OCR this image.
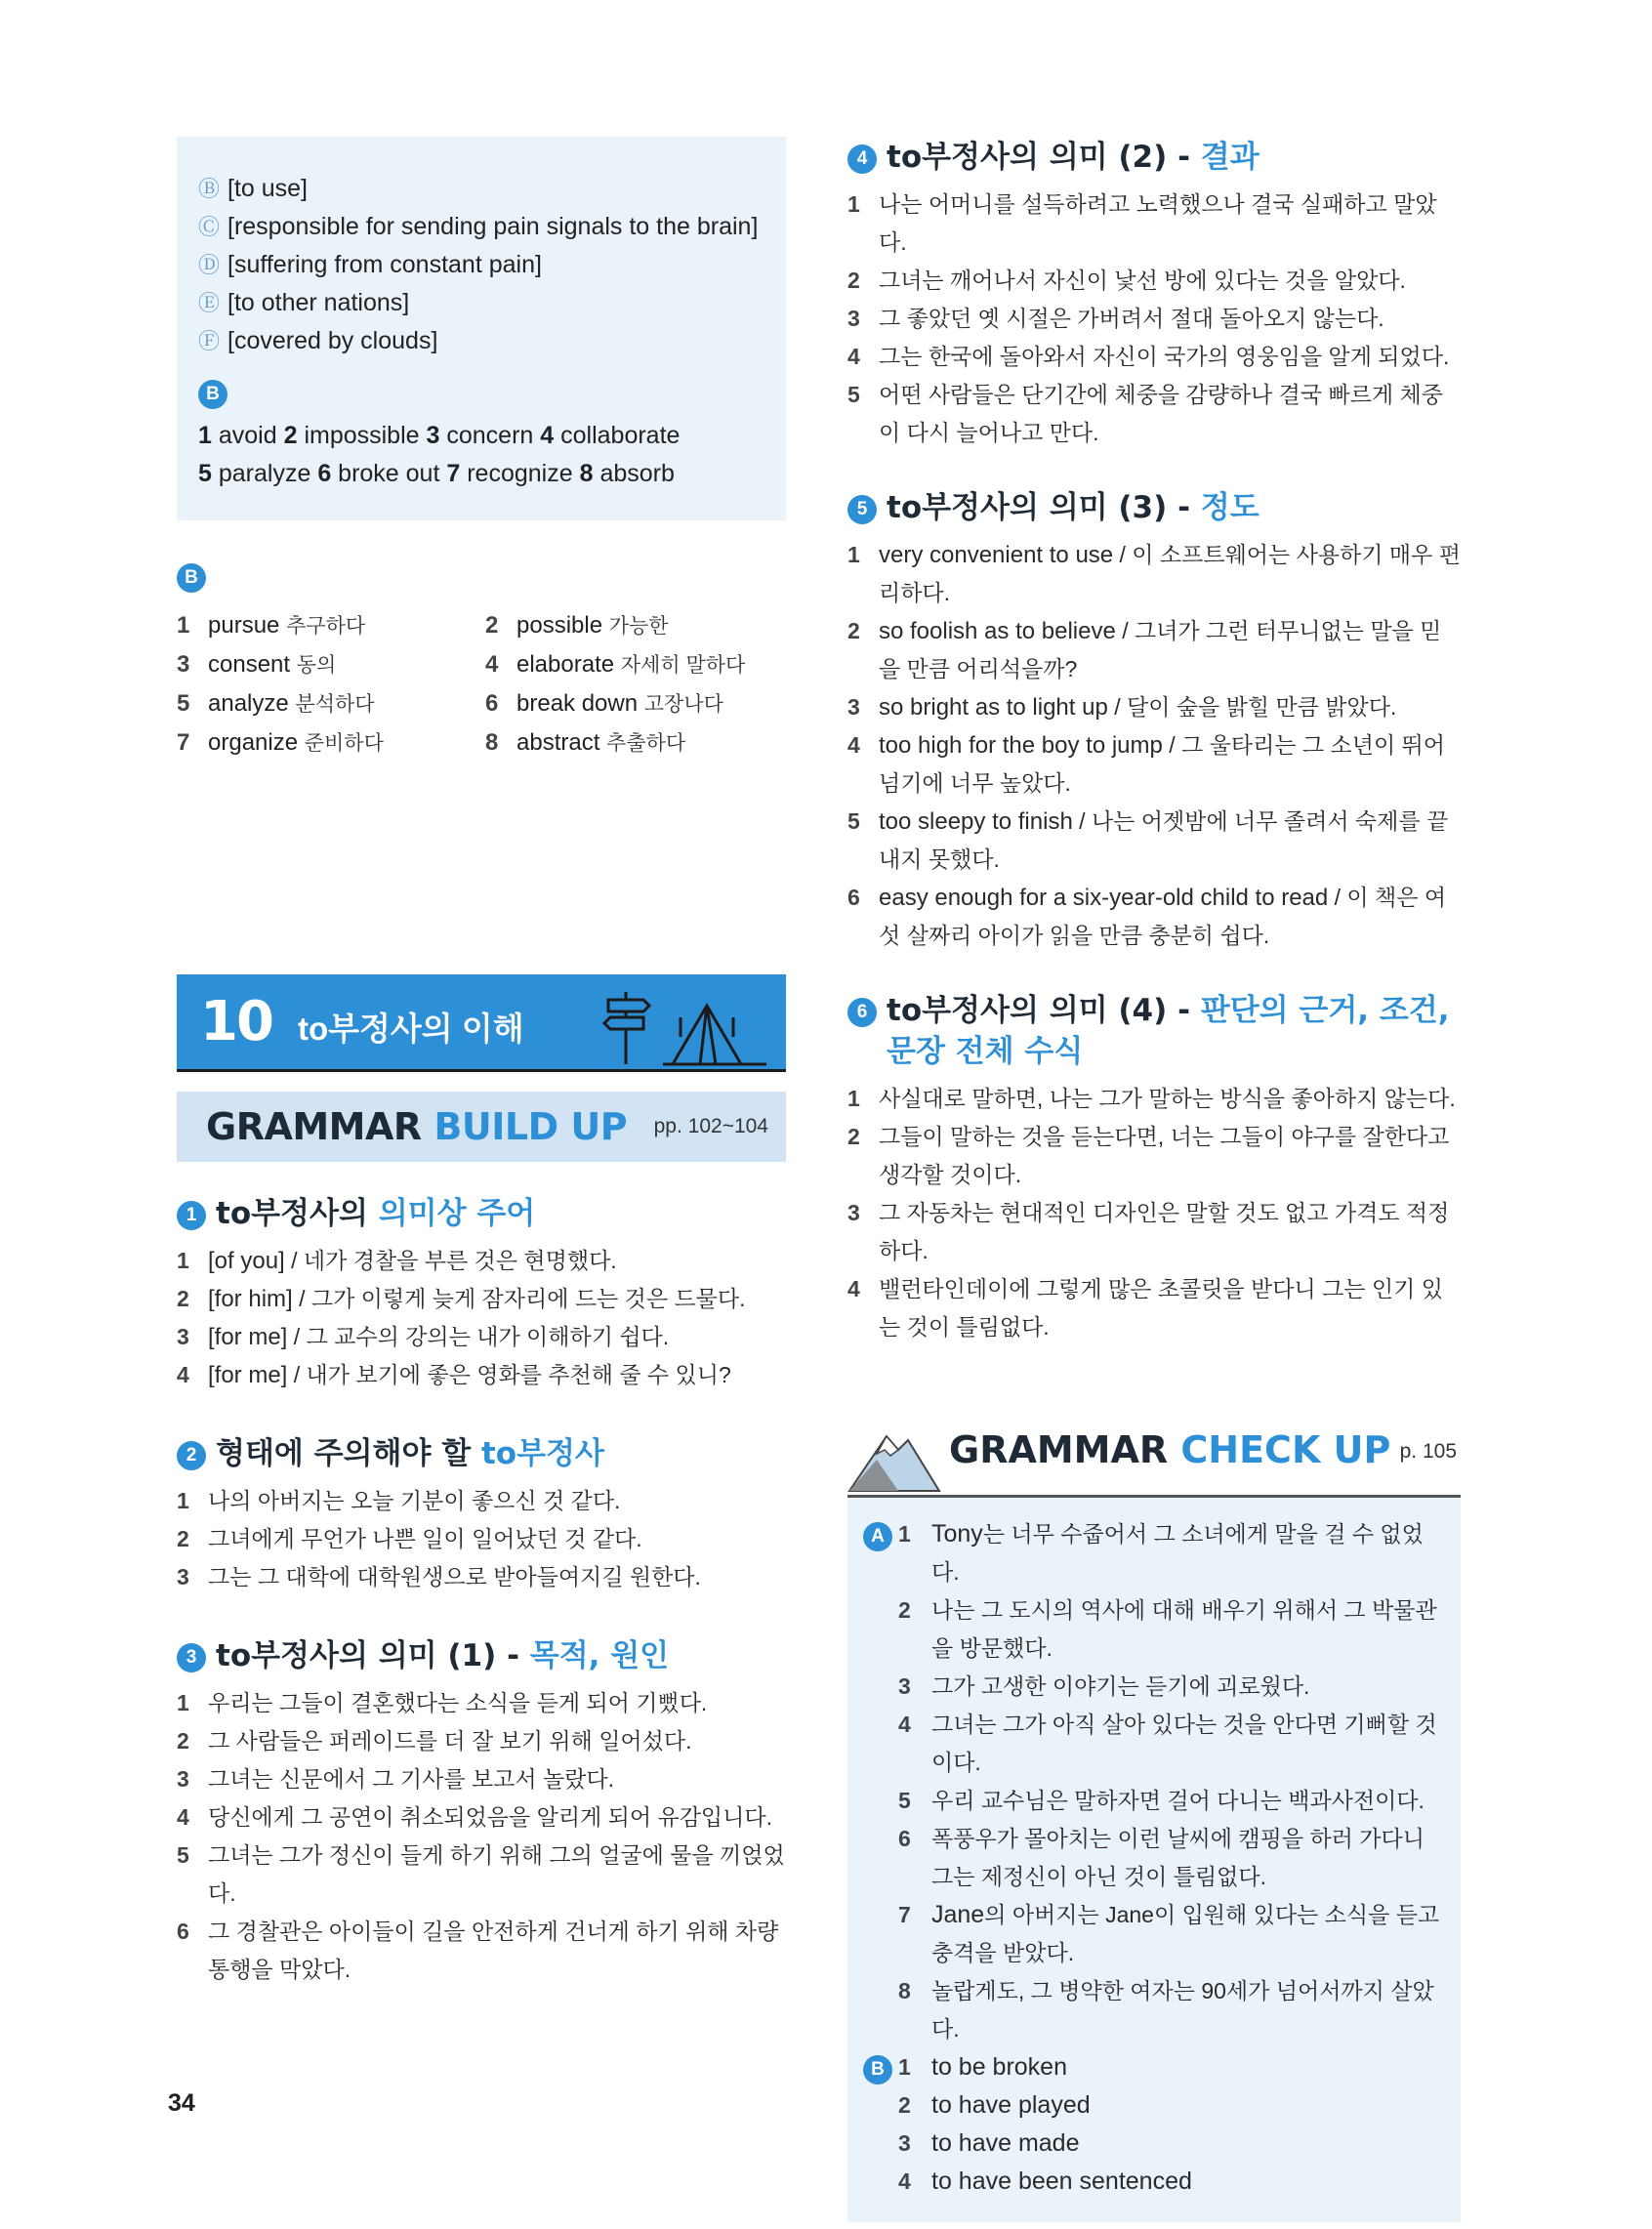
Ⓑ [to use]
Ⓒ [responsible for sending pain signals to the brain]
Ⓓ [suffering from constant pain]
Ⓔ [to other nations]
Ⓕ [covered by clouds]
B
1 avoid 2 impossible 3 concern 4 collaborate
5 paralyze 6 broke out 7 recognize 8 absorb
B
1 pursue 추구하다	2 possible 가능한
3 consent 동의	4 elaborate 자세히 말하다
5 analyze 분석하다	6 break down 고장나다
7 organize 준비하다	8 abstract 추출하다
10 to부정사의 이해
GRAMMAR BUILD UP pp. 102~104
1 to부정사의 의미상 주어
1 [of you] / 네가 경찰을 부른 것은 현명했다.
2 [for him] / 그가 이렇게 늦게 잠자리에 드는 것은 드물다.
3 [for me] / 그 교수의 강의는 내가 이해하기 쉽다.
4 [for me] / 내가 보기에 좋은 영화를 추천해 줄 수 있니?
2 형태에 주의해야 할 to부정사
1 나의 아버지는 오늘 기분이 좋으신 것 같다.
2 그녀에게 무언가 나쁜 일이 일어났던 것 같다.
3 그는 그 대학에 대학원생으로 받아들여지길 원한다.
3 to부정사의 의미 (1) - 목적, 원인
1 우리는 그들이 결혼했다는 소식을 듣게 되어 기뻤다.
2 그 사람들은 퍼레이드를 더 잘 보기 위해 일어섰다.
3 그녀는 신문에서 그 기사를 보고서 놀랐다.
4 당신에게 그 공연이 취소되었음을 알리게 되어 유감입니다.
5 그녀는 그가 정신이 들게 하기 위해 그의 얼굴에 물을 끼얹었다.
6 그 경찰관은 아이들이 길을 안전하게 건너게 하기 위해 차량 통행을 막았다.
4 to부정사의 의미 (2) - 결과
1 나는 어머니를 설득하려고 노력했으나 결국 실패하고 말았다.
2 그녀는 깨어나서 자신이 낯선 방에 있다는 것을 알았다.
3 그 좋았던 옛 시절은 가버려서 절대 돌아오지 않는다.
4 그는 한국에 돌아와서 자신이 국가의 영웅임을 알게 되었다.
5 어떤 사람들은 단기간에 체중을 감량하나 결국 빠르게 체중이 다시 늘어나고 만다.
5 to부정사의 의미 (3) - 정도
1 very convenient to use / 이 소프트웨어는 사용하기 매우 편리하다.
2 so foolish as to believe / 그녀가 그런 터무니없는 말을 믿을 만큼 어리석을까?
3 so bright as to light up / 달이 숲을 밝힐 만큼 밝았다.
4 too high for the boy to jump / 그 울타리는 그 소년이 뛰어넘기에 너무 높았다.
5 too sleepy to finish / 나는 어젯밤에 너무 졸려서 숙제를 끝내지 못했다.
6 easy enough for a six-year-old child to read / 이 책은 여섯 살짜리 아이가 읽을 만큼 충분히 쉽다.
6 to부정사의 의미 (4) - 판단의 근거, 조건, 문장 전체 수식
1 사실대로 말하면, 나는 그가 말하는 방식을 좋아하지 않는다.
2 그들이 말하는 것을 듣는다면, 너는 그들이 야구를 잘한다고 생각할 것이다.
3 그 자동차는 현대적인 디자인은 말할 것도 없고 가격도 적정하다.
4 밸런타인데이에 그렇게 많은 초콜릿을 받다니 그는 인기 있는 것이 틀림없다.
GRAMMAR CHECK UP p. 105
A 1 Tony는 너무 수줍어서 그 소녀에게 말을 걸 수 없었다.
2 나는 그 도시의 역사에 대해 배우기 위해서 그 박물관을 방문했다.
3 그가 고생한 이야기는 듣기에 괴로웠다.
4 그녀는 그가 아직 살아 있다는 것을 안다면 기뻐할 것이다.
5 우리 교수님은 말하자면 걸어 다니는 백과사전이다.
6 폭풍우가 몰아치는 이런 날씨에 캠핑을 하러 가다니 그는 제정신이 아닌 것이 틀림없다.
7 Jane의 아버지는 Jane이 입원해 있다는 소식을 듣고 충격을 받았다.
8 놀랍게도, 그 병약한 여자는 90세가 넘어서까지 살았다.
B 1 to be broken
2 to have played
3 to have made
4 to have been sentenced
34
